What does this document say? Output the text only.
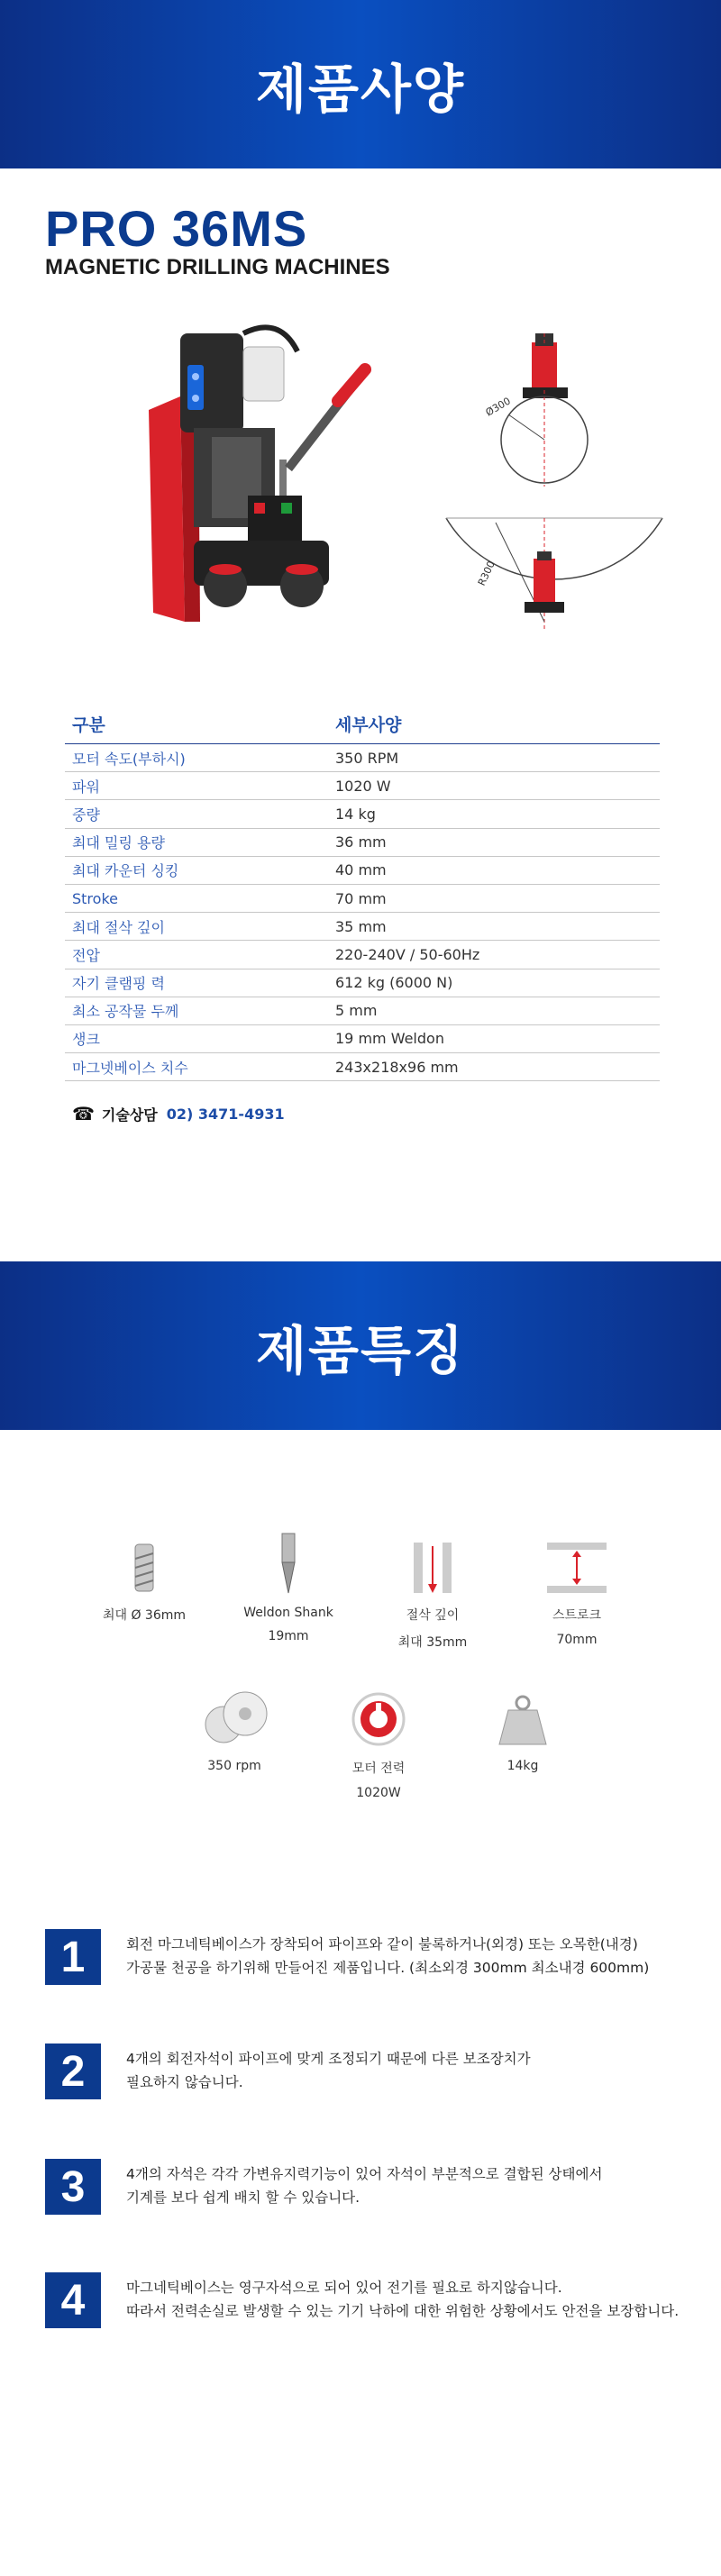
제품사양
PRO 36MS
MAGNETIC DRILLING MACHINES
Ø300
R300
구분	세부사양
모터 속도(부하시)	350 RPM
파워	1020 W
중량	14 kg
최대 밀링 용량	36 mm
최대 카운터 싱킹	40 mm
Stroke	70 mm
최대 절삭 깊이	35 mm
전압	220-240V / 50-60Hz
자기 클램핑 력	612 kg (6000 N)
최소 공작물 두께	5 mm
생크	19 mm Weldon
마그넷베이스 치수	243x218x96 mm
☎ 기술상담 02) 3471-4931
제품특징
최대 Ø 36mm	Weldon Shank
19mm
절삭 깊이
최대 35mm
스트로크
70mm
350 rpm	모터 전력
1020W
14kg
1	회전 마그네틱베이스가 장착되어 파이프와 같이 불록하거나(외경) 또는 오목한(내경)
가공물 천공을 하기위해 만들어진 제품입니다. (최소외경 300mm 최소내경 600mm)
2	4개의 회전자석이 파이프에 맞게 조정되기 때문에 다른 보조장치가
필요하지 않습니다.
3	4개의 자석은 각각 가변유지력기능이 있어 자석이 부분적으로 결합된 상태에서
기계를 보다 쉽게 배치 할 수 있습니다.
4	마그네틱베이스는 영구자석으로 되어 있어 전기를 필요로 하지않습니다.
따라서 전력손실로 발생할 수 있는 기기 낙하에 대한 위험한 상황에서도 안전을 보장합니다.
